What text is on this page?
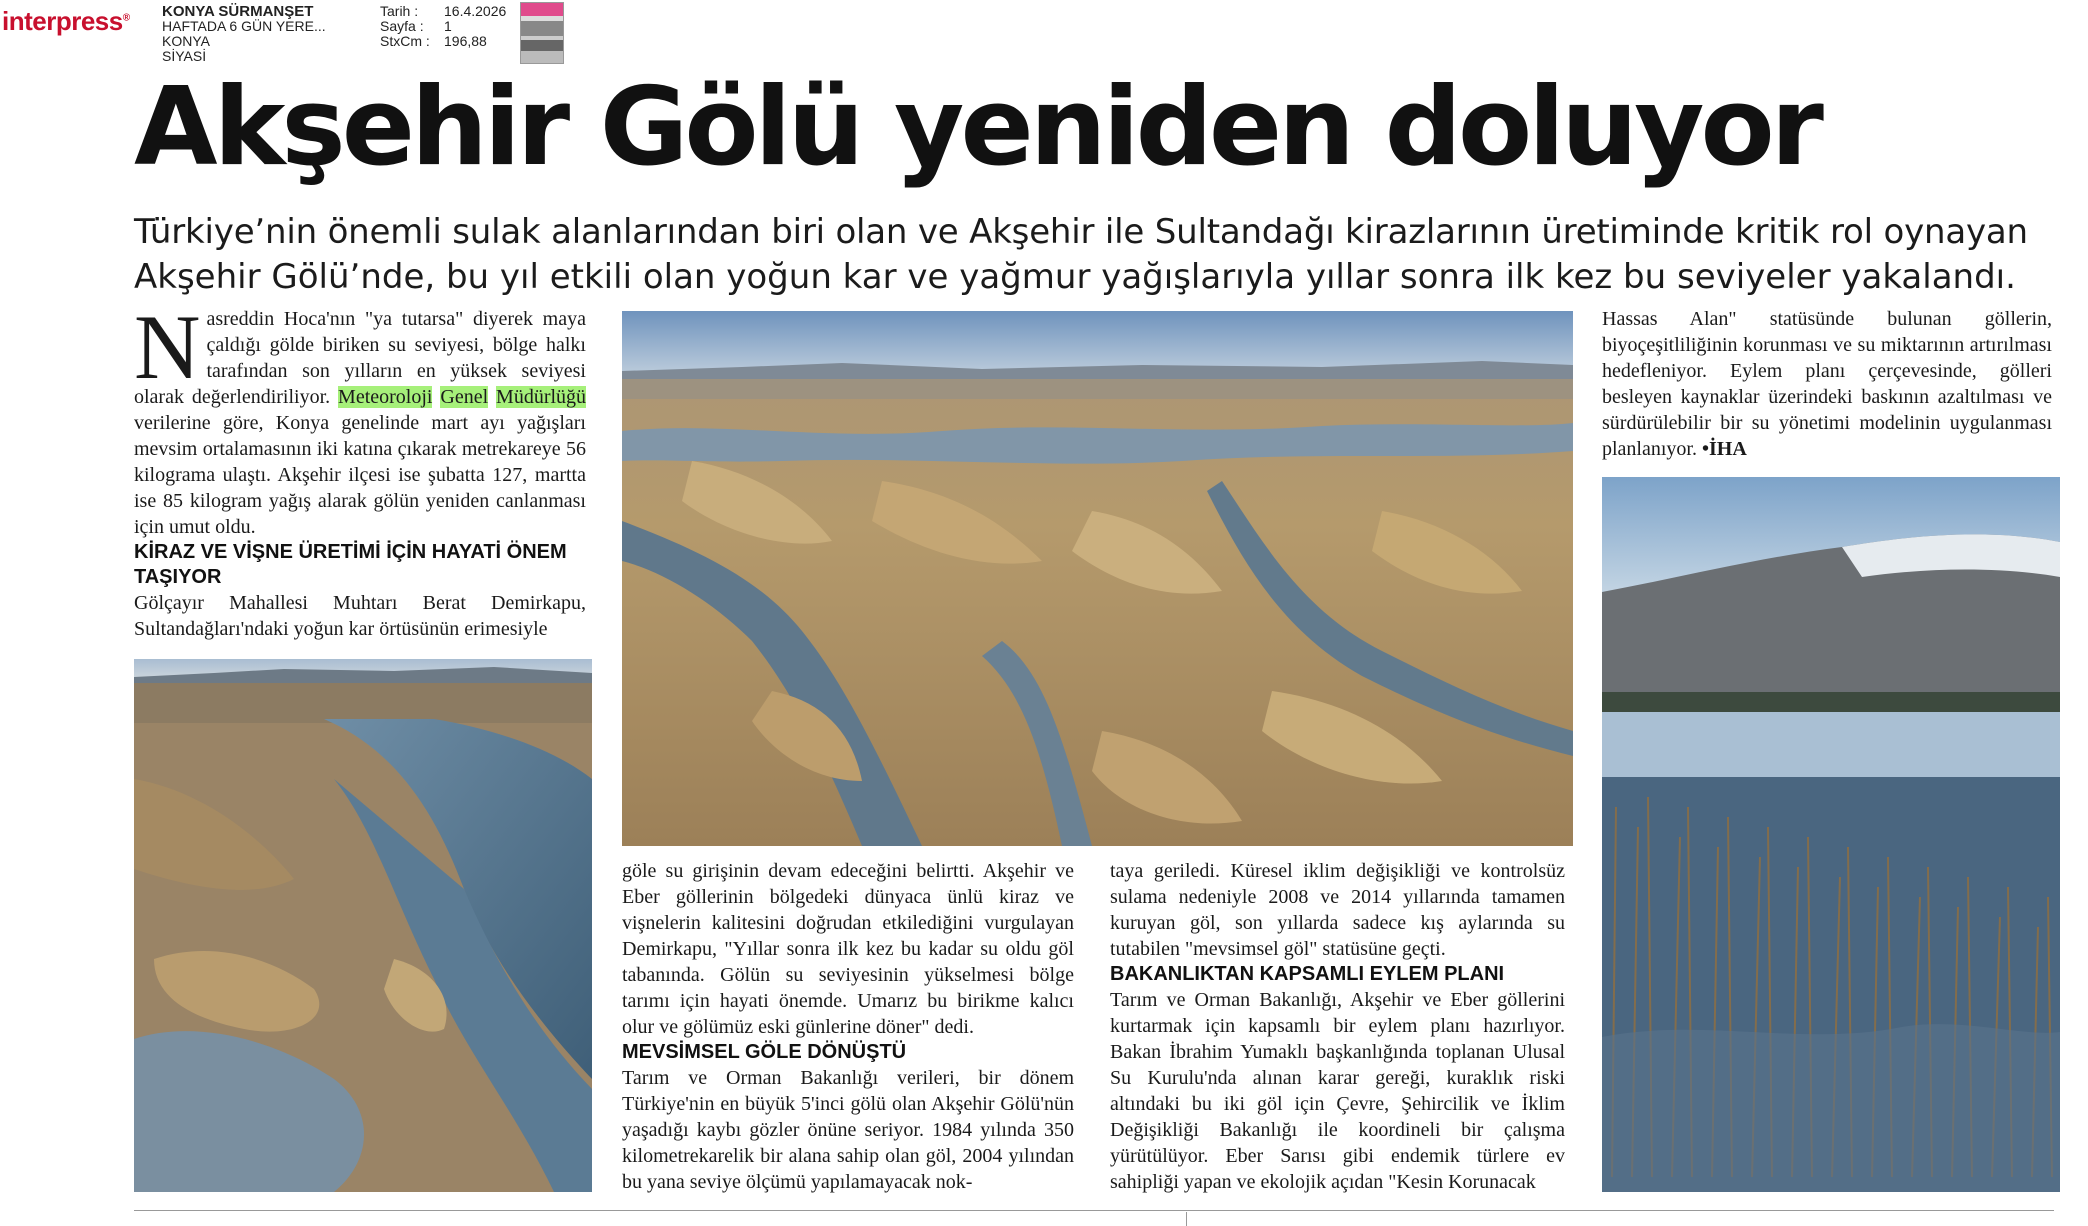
interpress® KONYA SÜRMANŞET
HAFTADA 6 GÜN YERE...
KONYA
SİYASİ
Tarih : 16.4.2026
Sayfa : 1
StxCm : 196,88
Akşehir Gölü yeniden doluyor
Türkiye’nin önemli sulak alanlarından biri olan ve Akşehir ile Sultandağı kirazlarının üretiminde kritik rol oynayan
Akşehir Gölü’nde, bu yıl etkili olan yoğun kar ve yağmur yağışlarıyla yıllar sonra ilk kez bu seviyeler yakalandı.
N asreddin Hoca'nın "ya tutarsa" diyerek maya çaldığı gölde biriken su seviyesi, bölge halkı tarafından son yılların en yüksek seviyesi olarak değerlendiriliyor. Meteoroloji Genel Müdürlüğü verilerine göre, Konya genelinde mart ayı yağışları mevsim ortalamasının iki katına çıkarak metrekareye 56 kilograma ulaştı. Akşehir ilçesi ise şubatta 127, martta ise 85 kilogram yağış alarak gölün yeniden canlanması için umut oldu.

KİRAZ VE VİŞNE ÜRETİMİ İÇİN HAYATİ ÖNEM TAŞIYOR

Gölçayır Mahallesi Muhtarı Berat Demirkapu, Sultandağları'ndaki yoğun kar örtüsünün erimesiyle

göle su girişinin devam edeceğini belirtti. Akşehir ve Eber göllerinin bölgedeki dünyaca ünlü kiraz ve vişnelerin kalitesini doğrudan etkilediğini vurgulayan Demirkapu, "Yıllar sonra ilk kez bu kadar su oldu göl tabanında. Gölün su seviyesinin yükselmesi bölge tarımı için hayati önemde. Umarız bu birikme kalıcı olur ve gölümüz eski günlerine döner" dedi.

MEVSİMSEL GÖLE DÖNÜŞTÜ

Tarım ve Orman Bakanlığı verileri, bir dönem Türkiye'nin en büyük 5'inci gölü olan Akşehir Gölü'nün yaşadığı kaybı gözler önüne seriyor. 1984 yılında 350 kilometrekarelik bir alana sahip olan göl, 2004 yılından bu yana seviye ölçümü yapılamayacak nok-

taya geriledi. Küresel iklim değişikliği ve kontrolsüz sulama nedeniyle 2008 ve 2014 yıllarında tamamen kuruyan göl, son yıllarda sadece kış aylarında su tutabilen "mevsimsel göl" statüsüne geçti.

BAKANLIKTAN KAPSAMLI EYLEM PLANI

Tarım ve Orman Bakanlığı, Akşehir ve Eber göllerini kurtarmak için kapsamlı bir eylem planı hazırlıyor. Bakan İbrahim Yumaklı başkanlığında toplanan Ulusal Su Kurulu'nda alınan karar gereği, kuraklık riski altındaki bu iki göl için Çevre, Şehircilik ve İklim Değişikliği Bakanlığı ile koordineli bir çalışma yürütülüyor. Eber Sarısı gibi endemik türlere ev sahipliği yapan ve ekolojik açıdan "Kesin Korunacak

Hassas Alan" statüsünde bulunan göllerin, biyoçeşitliliğinin korunması ve su miktarının artırılması hedefleniyor. Eylem planı çerçevesinde, gölleri besleyen kaynaklar üzerindeki baskının azaltılması ve sürdürülebilir bir su yönetimi modelinin uygulanması planlanıyor. •İHA
